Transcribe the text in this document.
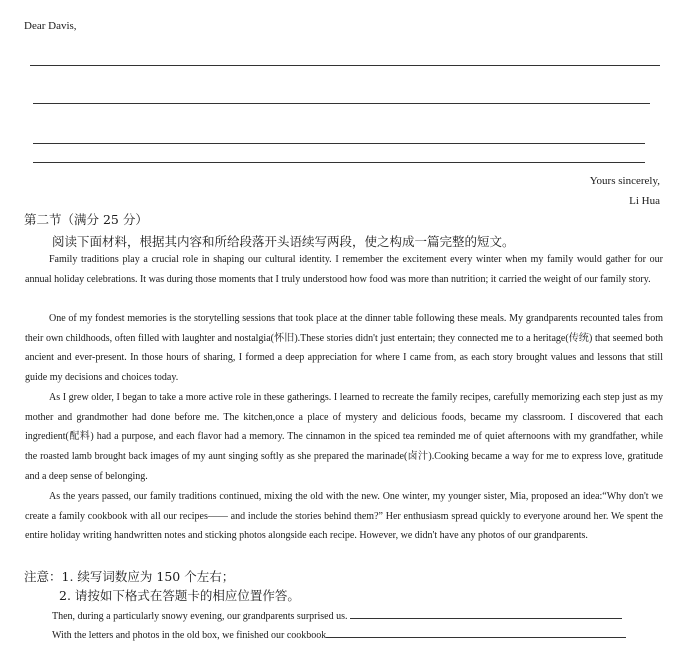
Dear Davis,
Yours sincerely,
Li Hua
第二节（满分 25 分）
阅读下面材料，根据其内容和所给段落开头语续写两段，使之构成一篇完整的短文。
Family traditions play a crucial role in shaping our cultural identity. I remember the excitement every winter when my family would gather for our annual holiday celebrations. It was during those moments that I truly understood how food was more than nutrition; it carried the weight of our family story.
One of my fondest memories is the storytelling sessions that took place at the dinner table following these meals. My grandparents recounted tales from their own childhoods, often filled with laughter and nostalgia(怀旧).These stories didn't just entertain; they connected me to a heritage(传统) that seemed both ancient and ever-present. In those hours of sharing, I formed a deep appreciation for where I came from, as each story brought values and lessons that still guide my decisions and choices today.
As I grew older, I began to take a more active role in these gatherings. I learned to recreate the family recipes, carefully memorizing each step just as my mother and grandmother had done before me. The kitchen,once a place of mystery and delicious foods, became my classroom. I discovered that each ingredient(配料) had a purpose, and each flavor had a memory. The cinnamon in the spiced tea reminded me of quiet afternoons with my grandfather, while the roasted lamb brought back images of my aunt singing softly as she prepared the marinade(卤汁).Cooking became a way for me to express love, gratitude and a deep sense of belonging.
As the years passed, our family traditions continued, mixing the old with the new. One winter, my younger sister, Mia, proposed an idea:“Why don't we create a family cookbook with all our recipes—— and include the stories behind them?” Her enthusiasm spread quickly to everyone around her. We spent the entire holiday writing handwritten notes and sticking photos alongside each recipe. However, we didn't have any photos of our grandparents.
注意：1. 续写词数应为 150 个左右；
2. 请按如下格式在答题卡的相应位置作答。
Then, during a particularly snowy evening, our grandparents surprised us.
With the letters and photos in the old box, we finished our cookbook
